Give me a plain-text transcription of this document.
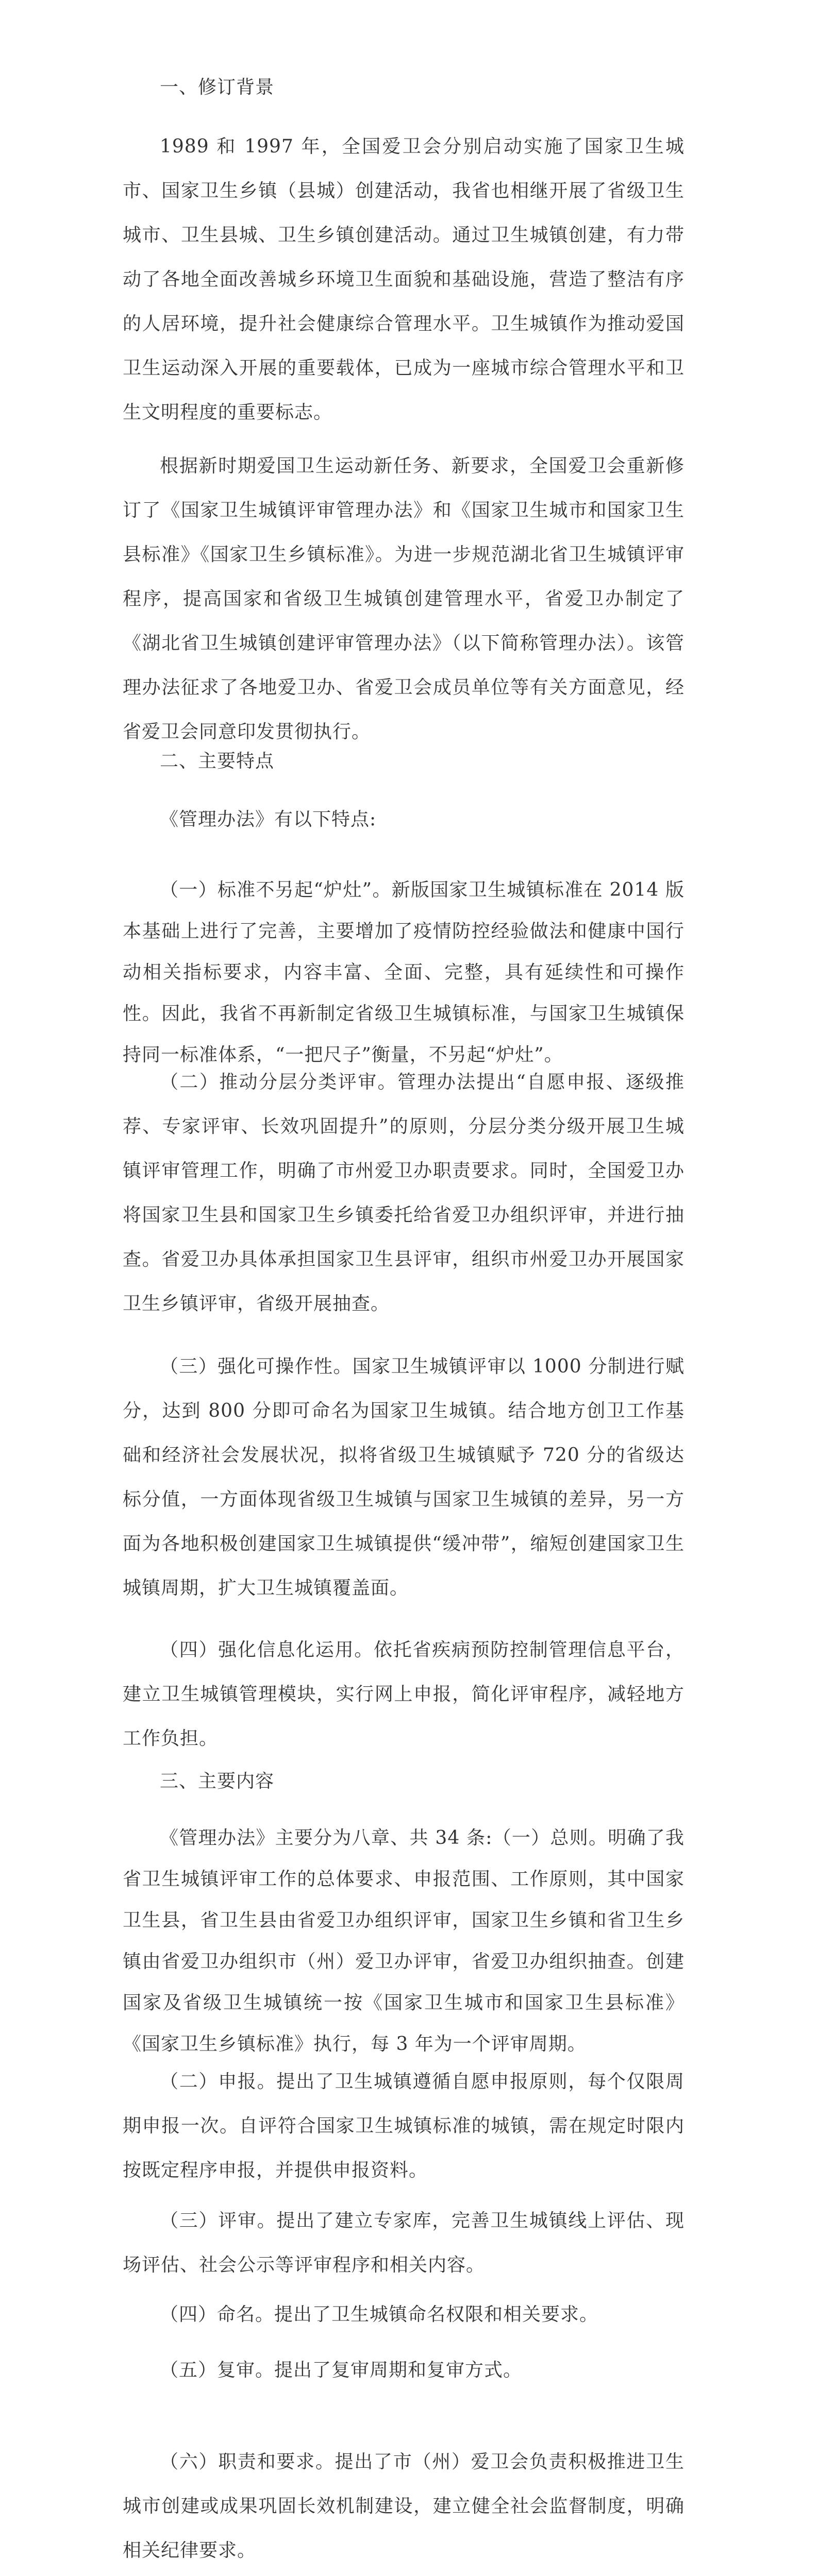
一、修订背景

1989 和 1997 年，全国爱卫会分别启动实施了国家卫生城市、国家卫生乡镇（县城）创建活动，我省也相继开展了省级卫生城市、卫生县城、卫生乡镇创建活动。通过卫生城镇创建，有力带动了各地全面改善城乡环境卫生面貌和基础设施，营造了整洁有序的人居环境，提升社会健康综合管理水平。卫生城镇作为推动爱国卫生运动深入开展的重要载体，已成为一座城市综合管理水平和卫生文明程度的重要标志。

根据新时期爱国卫生运动新任务、新要求，全国爱卫会重新修订了《国家卫生城镇评审管理办法》和《国家卫生城市和国家卫生县标准》《国家卫生乡镇标准》。为进一步规范湖北省卫生城镇评审程序，提高国家和省级卫生城镇创建管理水平，省爱卫办制定了《湖北省卫生城镇创建评审管理办法》（以下简称管理办法）。该管理办法征求了各地爱卫办、省爱卫会成员单位等有关方面意见，经省爱卫会同意印发贯彻执行。

二、主要特点

《管理办法》有以下特点:

（一）标准不另起“炉灶”。新版国家卫生城镇标准在 2014 版本基础上进行了完善，主要增加了疫情防控经验做法和健康中国行动相关指标要求，内容丰富、全面、完整，具有延续性和可操作性。因此，我省不再新制定省级卫生城镇标准，与国家卫生城镇保持同一标准体系，“一把尺子”衡量，不另起“炉灶”。

（二）推动分层分类评审。管理办法提出“自愿申报、逐级推荐、专家评审、长效巩固提升”的原则，分层分类分级开展卫生城镇评审管理工作，明确了市州爱卫办职责要求。同时，全国爱卫办将国家卫生县和国家卫生乡镇委托给省爱卫办组织评审，并进行抽查。省爱卫办具体承担国家卫生县评审，组织市州爱卫办开展国家卫生乡镇评审，省级开展抽查。

（三）强化可操作性。国家卫生城镇评审以 1000 分制进行赋分，达到 800 分即可命名为国家卫生城镇。结合地方创卫工作基础和经济社会发展状况，拟将省级卫生城镇赋予 720 分的省级达标分值，一方面体现省级卫生城镇与国家卫生城镇的差异，另一方面为各地积极创建国家卫生城镇提供“缓冲带”，缩短创建国家卫生城镇周期，扩大卫生城镇覆盖面。

（四）强化信息化运用。依托省疾病预防控制管理信息平台，建立卫生城镇管理模块，实行网上申报，简化评审程序，减轻地方工作负担。

三、主要内容

《管理办法》主要分为八章、共 34 条:（一）总则。明确了我省卫生城镇评审工作的总体要求、申报范围、工作原则，其中国家卫生县，省卫生县由省爱卫办组织评审，国家卫生乡镇和省卫生乡镇由省爱卫办组织市（州）爱卫办评审，省爱卫办组织抽查。创建国家及省级卫生城镇统一按《国家卫生城市和国家卫生县标准》《国家卫生乡镇标准》执行，每 3 年为一个评审周期。

（二）申报。提出了卫生城镇遵循自愿申报原则，每个仅限周期申报一次。自评符合国家卫生城镇标准的城镇，需在规定时限内按既定程序申报，并提供申报资料。

（三）评审。提出了建立专家库，完善卫生城镇线上评估、现场评估、社会公示等评审程序和相关内容。

（四）命名。提出了卫生城镇命名权限和相关要求。

（五）复审。提出了复审周期和复审方式。

（六）职责和要求。提出了市（州）爱卫会负责积极推进卫生城市创建或成果巩固长效机制建设，建立健全社会监督制度，明确相关纪律要求。
